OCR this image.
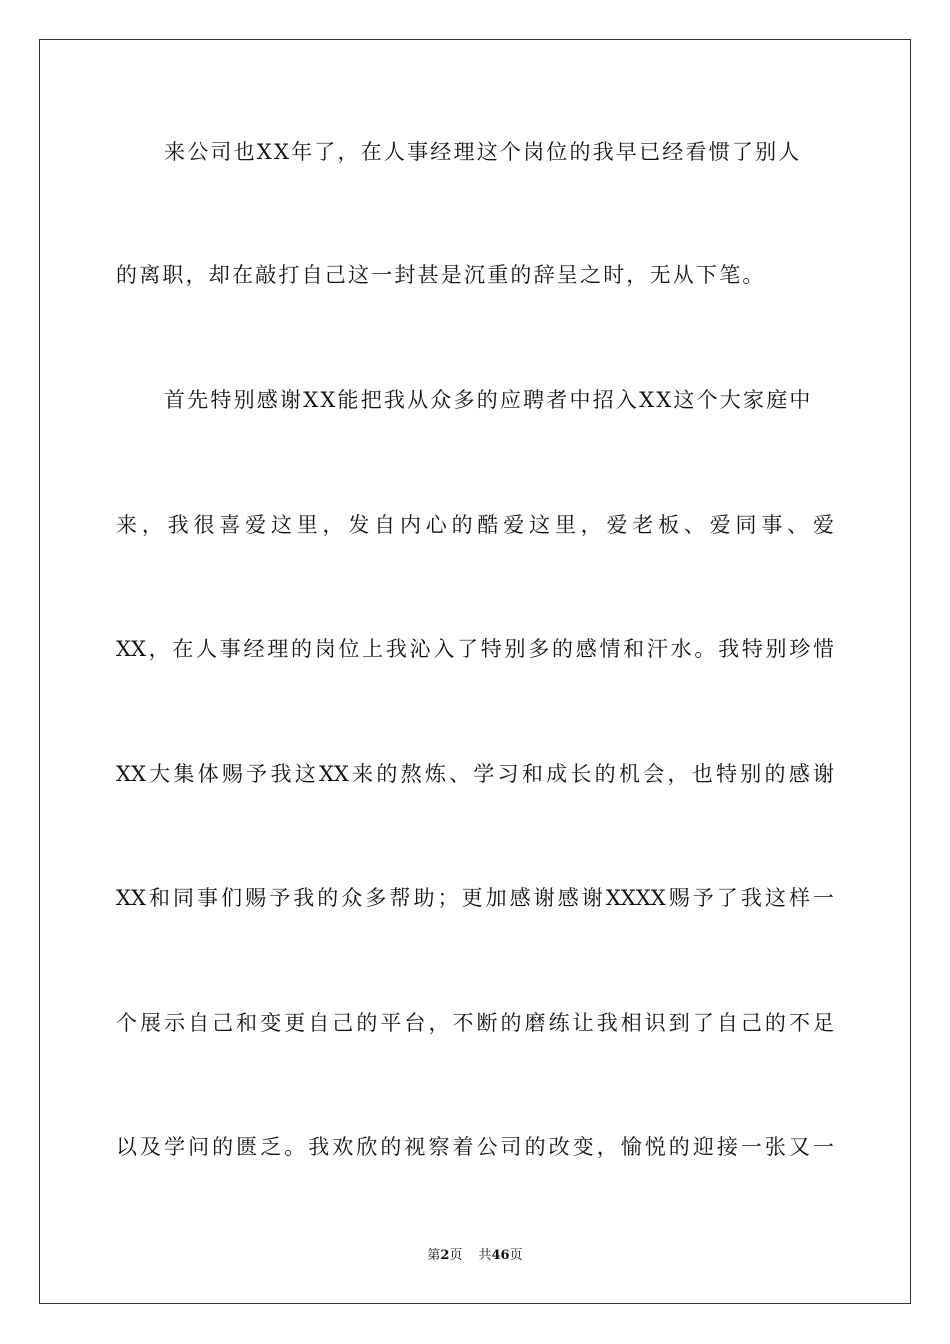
来公司也XX年了，在人事经理这个岗位的我早已经看惯了别人
的离职，却在敲打自己这一封甚是沉重的辞呈之时，无从下笔。
首先特别感谢XX能把我从众多的应聘者中招入XX这个大家庭中
来，我很喜爱这里，发自内心的酷爱这里，爱老板、爱同事、爱
XX，在人事经理的岗位上我沁入了特别多的感情和汗水。我特别珍惜
XX大集体赐予我这XX来的熬炼、学习和成长的机会，也特别的感谢
XX和同事们赐予我的众多帮助；更加感谢感谢XXXX赐予了我这样一
个展示自己和变更自己的平台，不断的磨练让我相识到了自己的不足
以及学问的匮乏。我欢欣的视察着公司的改变，愉悦的迎接一张又一
第2页 共46页
